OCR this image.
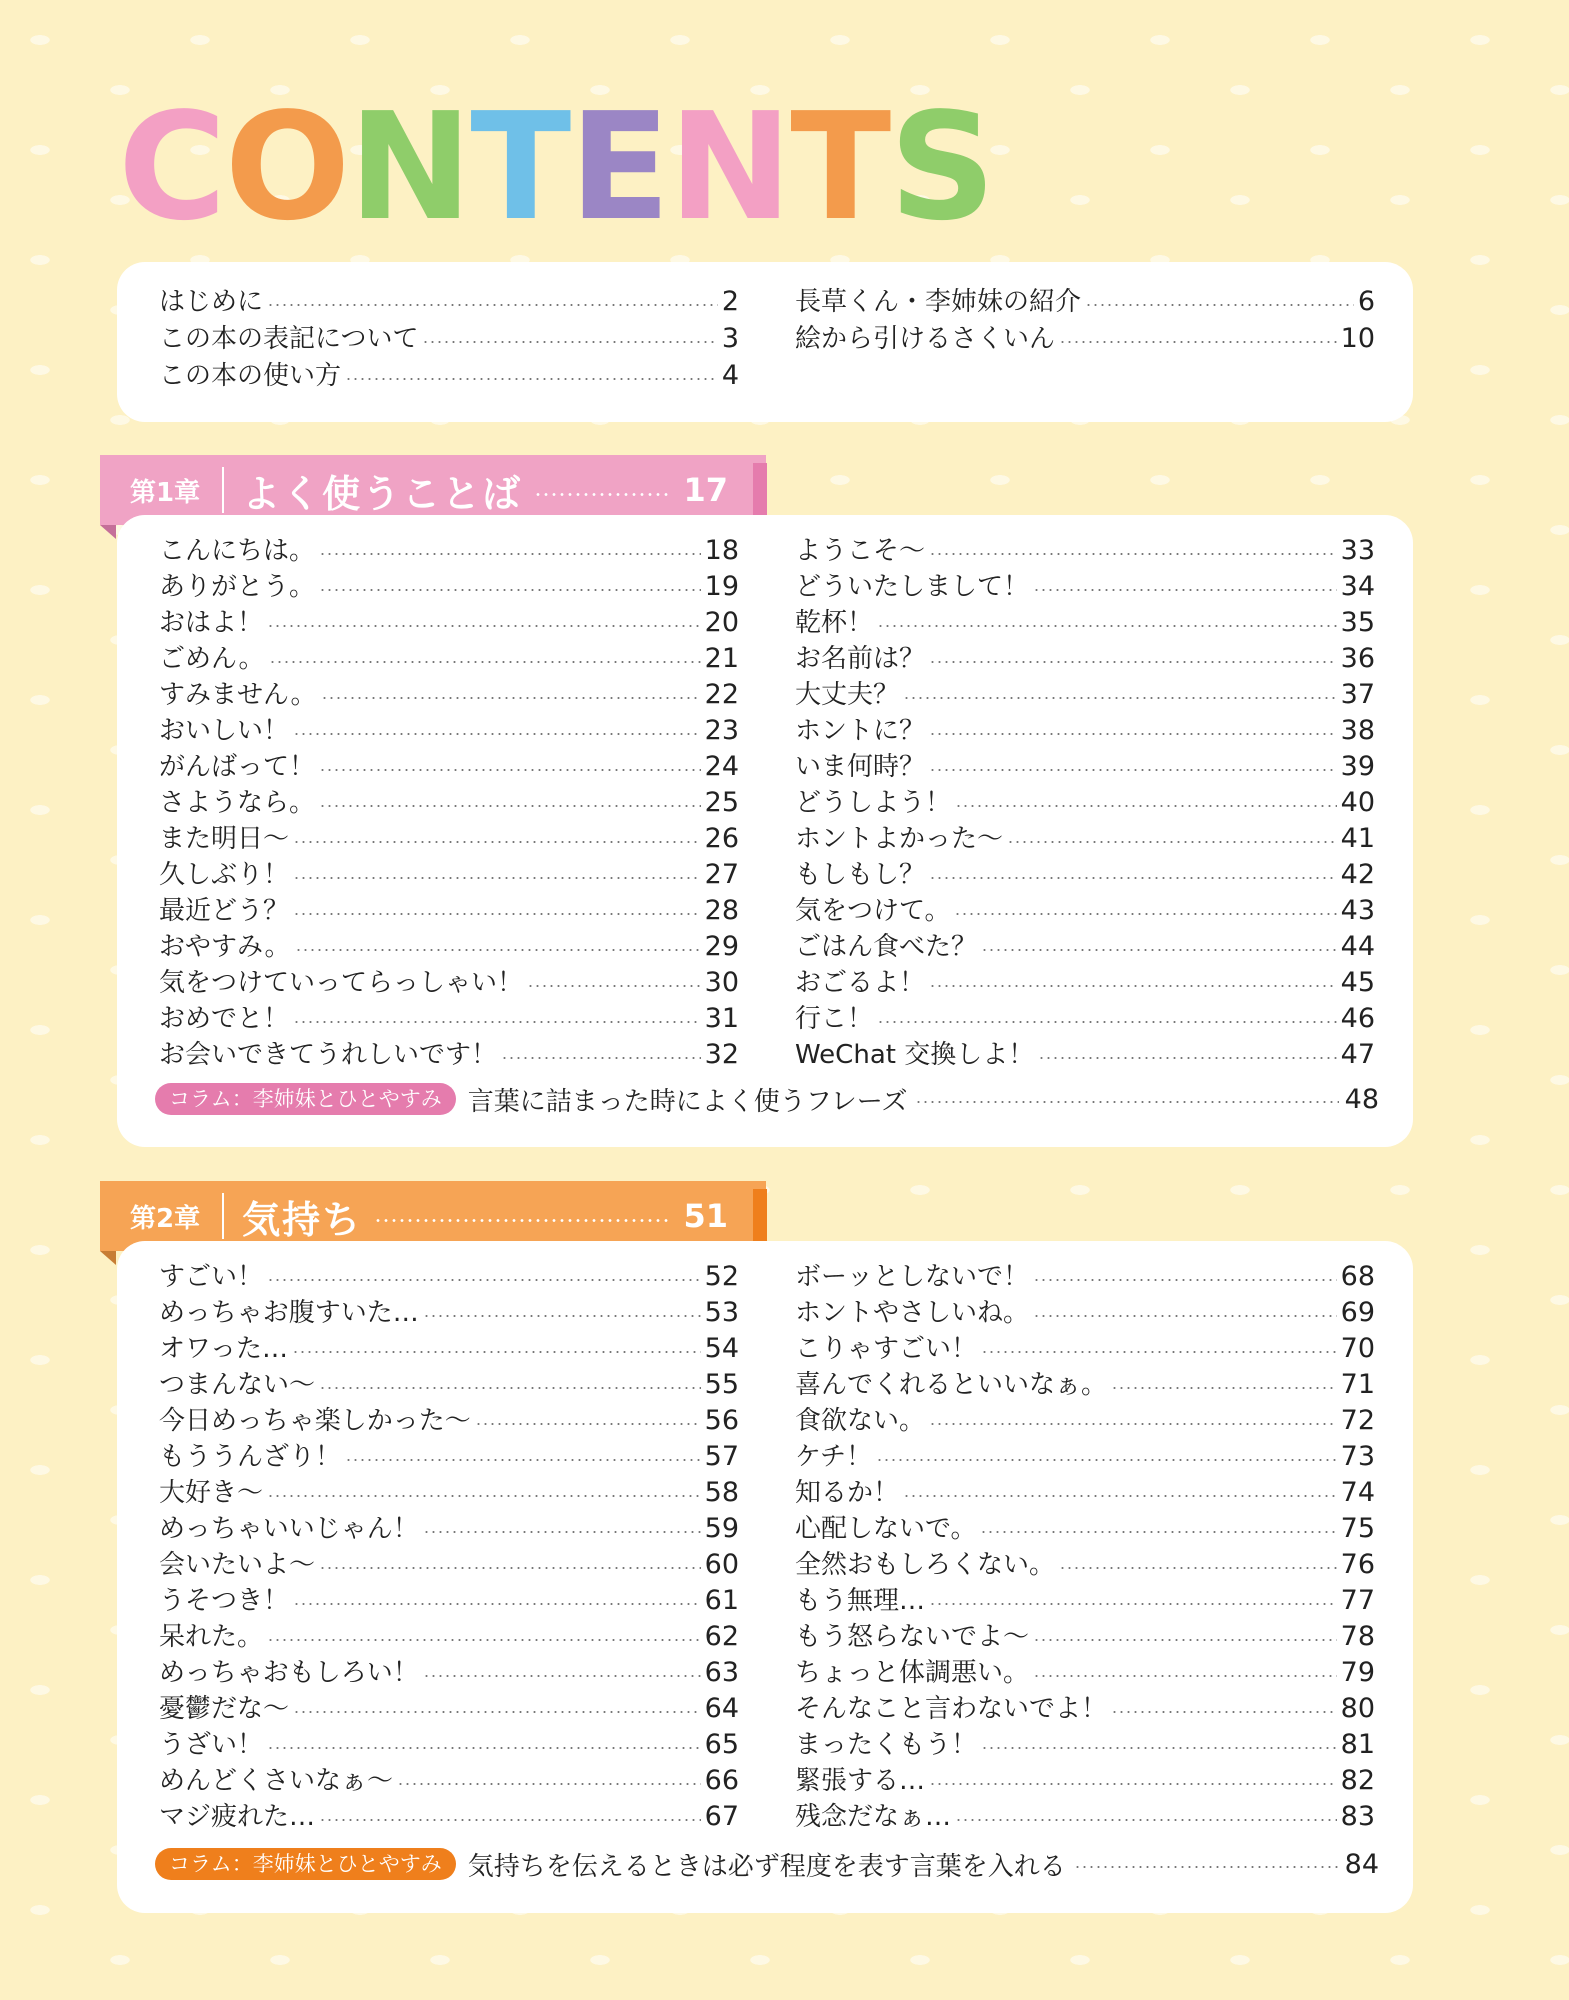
CONTENTS
はじめに	2
この本の表記について	3
この本の使い方	4
長草くん・李姉妹の紹介	6
絵から引けるさくいん	10
第1章 よく使うことば	17
こんにちは。	18
ありがとう。	19
おはよ！	20
ごめん。	21
すみません。	22
おいしい！	23
がんばって！	24
さようなら。	25
また明日〜	26
久しぶり！	27
最近どう？	28
おやすみ。	29
気をつけていってらっしゃい！	30
おめでと！	31
お会いできてうれしいです！	32
ようこそ〜	33
どういたしまして！	34
乾杯！	35
お名前は？	36
大丈夫？	37
ホントに？	38
いま何時？	39
どうしよう！	40
ホントよかった〜	41
もしもし？	42
気をつけて。	43
ごはん食べた？	44
おごるよ！	45
行こ！	46
WeChat 交換しよ！	47
コラム：李姉妹とひとやすみ	言葉に詰まった時によく使うフレーズ	48
第2章 気持ち	51
すごい！	52
めっちゃお腹すいた…	53
オワった…	54
つまんない〜	55
今日めっちゃ楽しかった〜	56
もううんざり！	57
大好き〜	58
めっちゃいいじゃん！	59
会いたいよ〜	60
うそつき！	61
呆れた。	62
めっちゃおもしろい！	63
憂鬱だな〜	64
うざい！	65
めんどくさいなぁ〜	66
マジ疲れた…	67
ボーッとしないで！	68
ホントやさしいね。	69
こりゃすごい！	70
喜んでくれるといいなぁ。	71
食欲ない。	72
ケチ！	73
知るか！	74
心配しないで。	75
全然おもしろくない。	76
もう無理…	77
もう怒らないでよ〜	78
ちょっと体調悪い。	79
そんなこと言わないでよ！	80
まったくもう！	81
緊張する…	82
残念だなぁ…	83
コラム：李姉妹とひとやすみ	気持ちを伝えるときは必ず程度を表す言葉を入れる	84
